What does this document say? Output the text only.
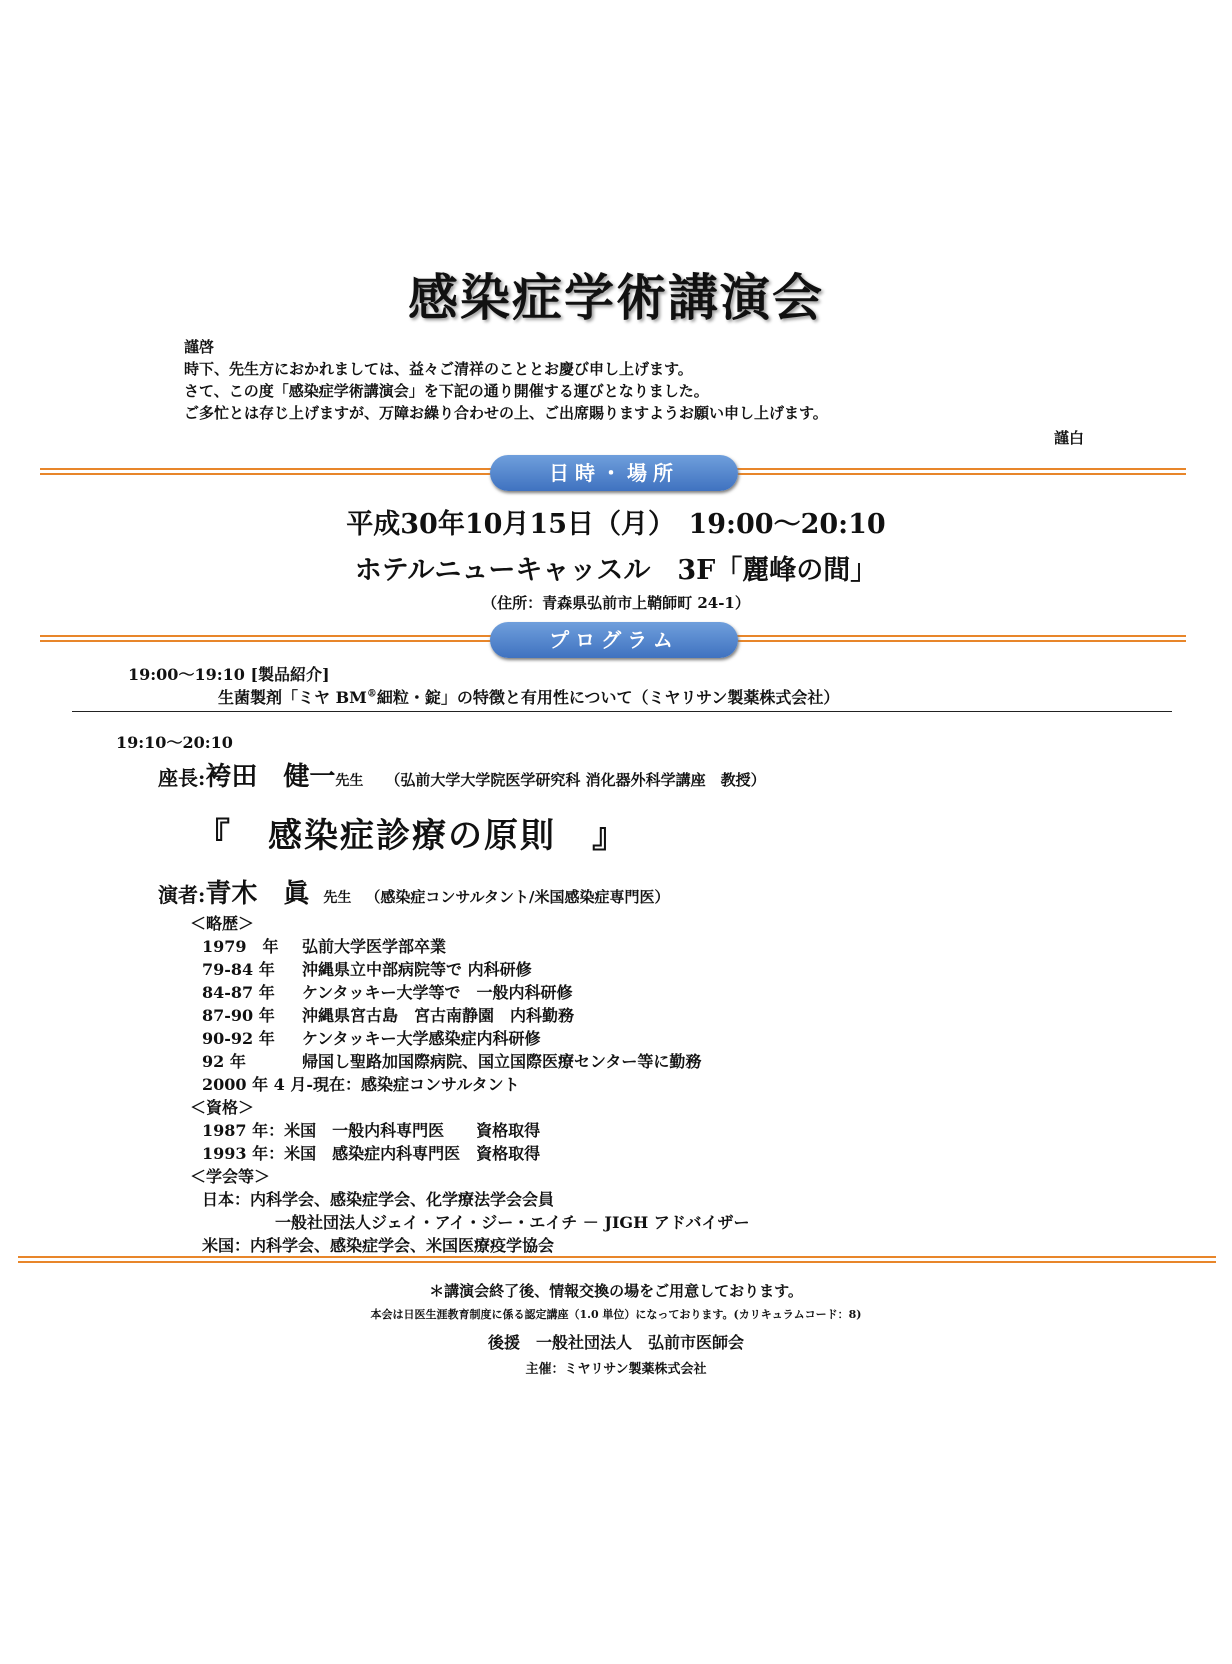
感染症学術講演会
謹啓
時下、先生方におかれましては、益々ご清祥のこととお慶び申し上げます。
さて、この度「感染症学術講演会」を下記の通り開催する運びとなりました。
ご多忙とは存じ上げますが、万障お繰り合わせの上、ご出席賜りますようお願い申し上げます。
謹白
日時・場所
平成30年10月15日（月）　19:00～20:10
ホテルニューキャッスル　3F「麗峰の間」
（住所：青森県弘前市上鞘師町 24-1）
プログラム
19:00～19:10 [製品紹介]
生菌製剤「ミヤ BM®細粒・錠」の特徴と有用性について（ミヤリサン製薬株式会社）
19:10～20:10
座長:袴田　健一先生 （弘前大学大学院医学研究科 消化器外科学講座　教授）
『　感染症診療の原則　』
演者:青木　眞 先生 （感染症コンサルタント/米国感染症専門医）
＜略歴＞
1979　年 弘前大学医学部卒業
79-84 年 沖縄県立中部病院等で 内科研修
84-87 年 ケンタッキー大学等で　一般内科研修
87-90 年 沖縄県宮古島　宮古南静園　内科勤務
90-92 年 ケンタッキー大学感染症内科研修
92 年	帰国し聖路加国際病院、国立国際医療センター等に勤務
2000 年 4 月-現在：感染症コンサルタント
＜資格＞
1987 年：米国　一般内科専門医　　資格取得
1993 年：米国　感染症内科専門医　資格取得
＜学会等＞
日本：内科学会、感染症学会、化学療法学会会員
一般社団法人ジェイ・アイ・ジー・エイチ － JIGH アドバイザー
米国：内科学会、感染症学会、米国医療疫学協会
＊講演会終了後、情報交換の場をご用意しております。
本会は日医生涯教育制度に係る認定講座（1.0 単位）になっております。(カリキュラムコード：8)
後援　一般社団法人　弘前市医師会
主催：ミヤリサン製薬株式会社
